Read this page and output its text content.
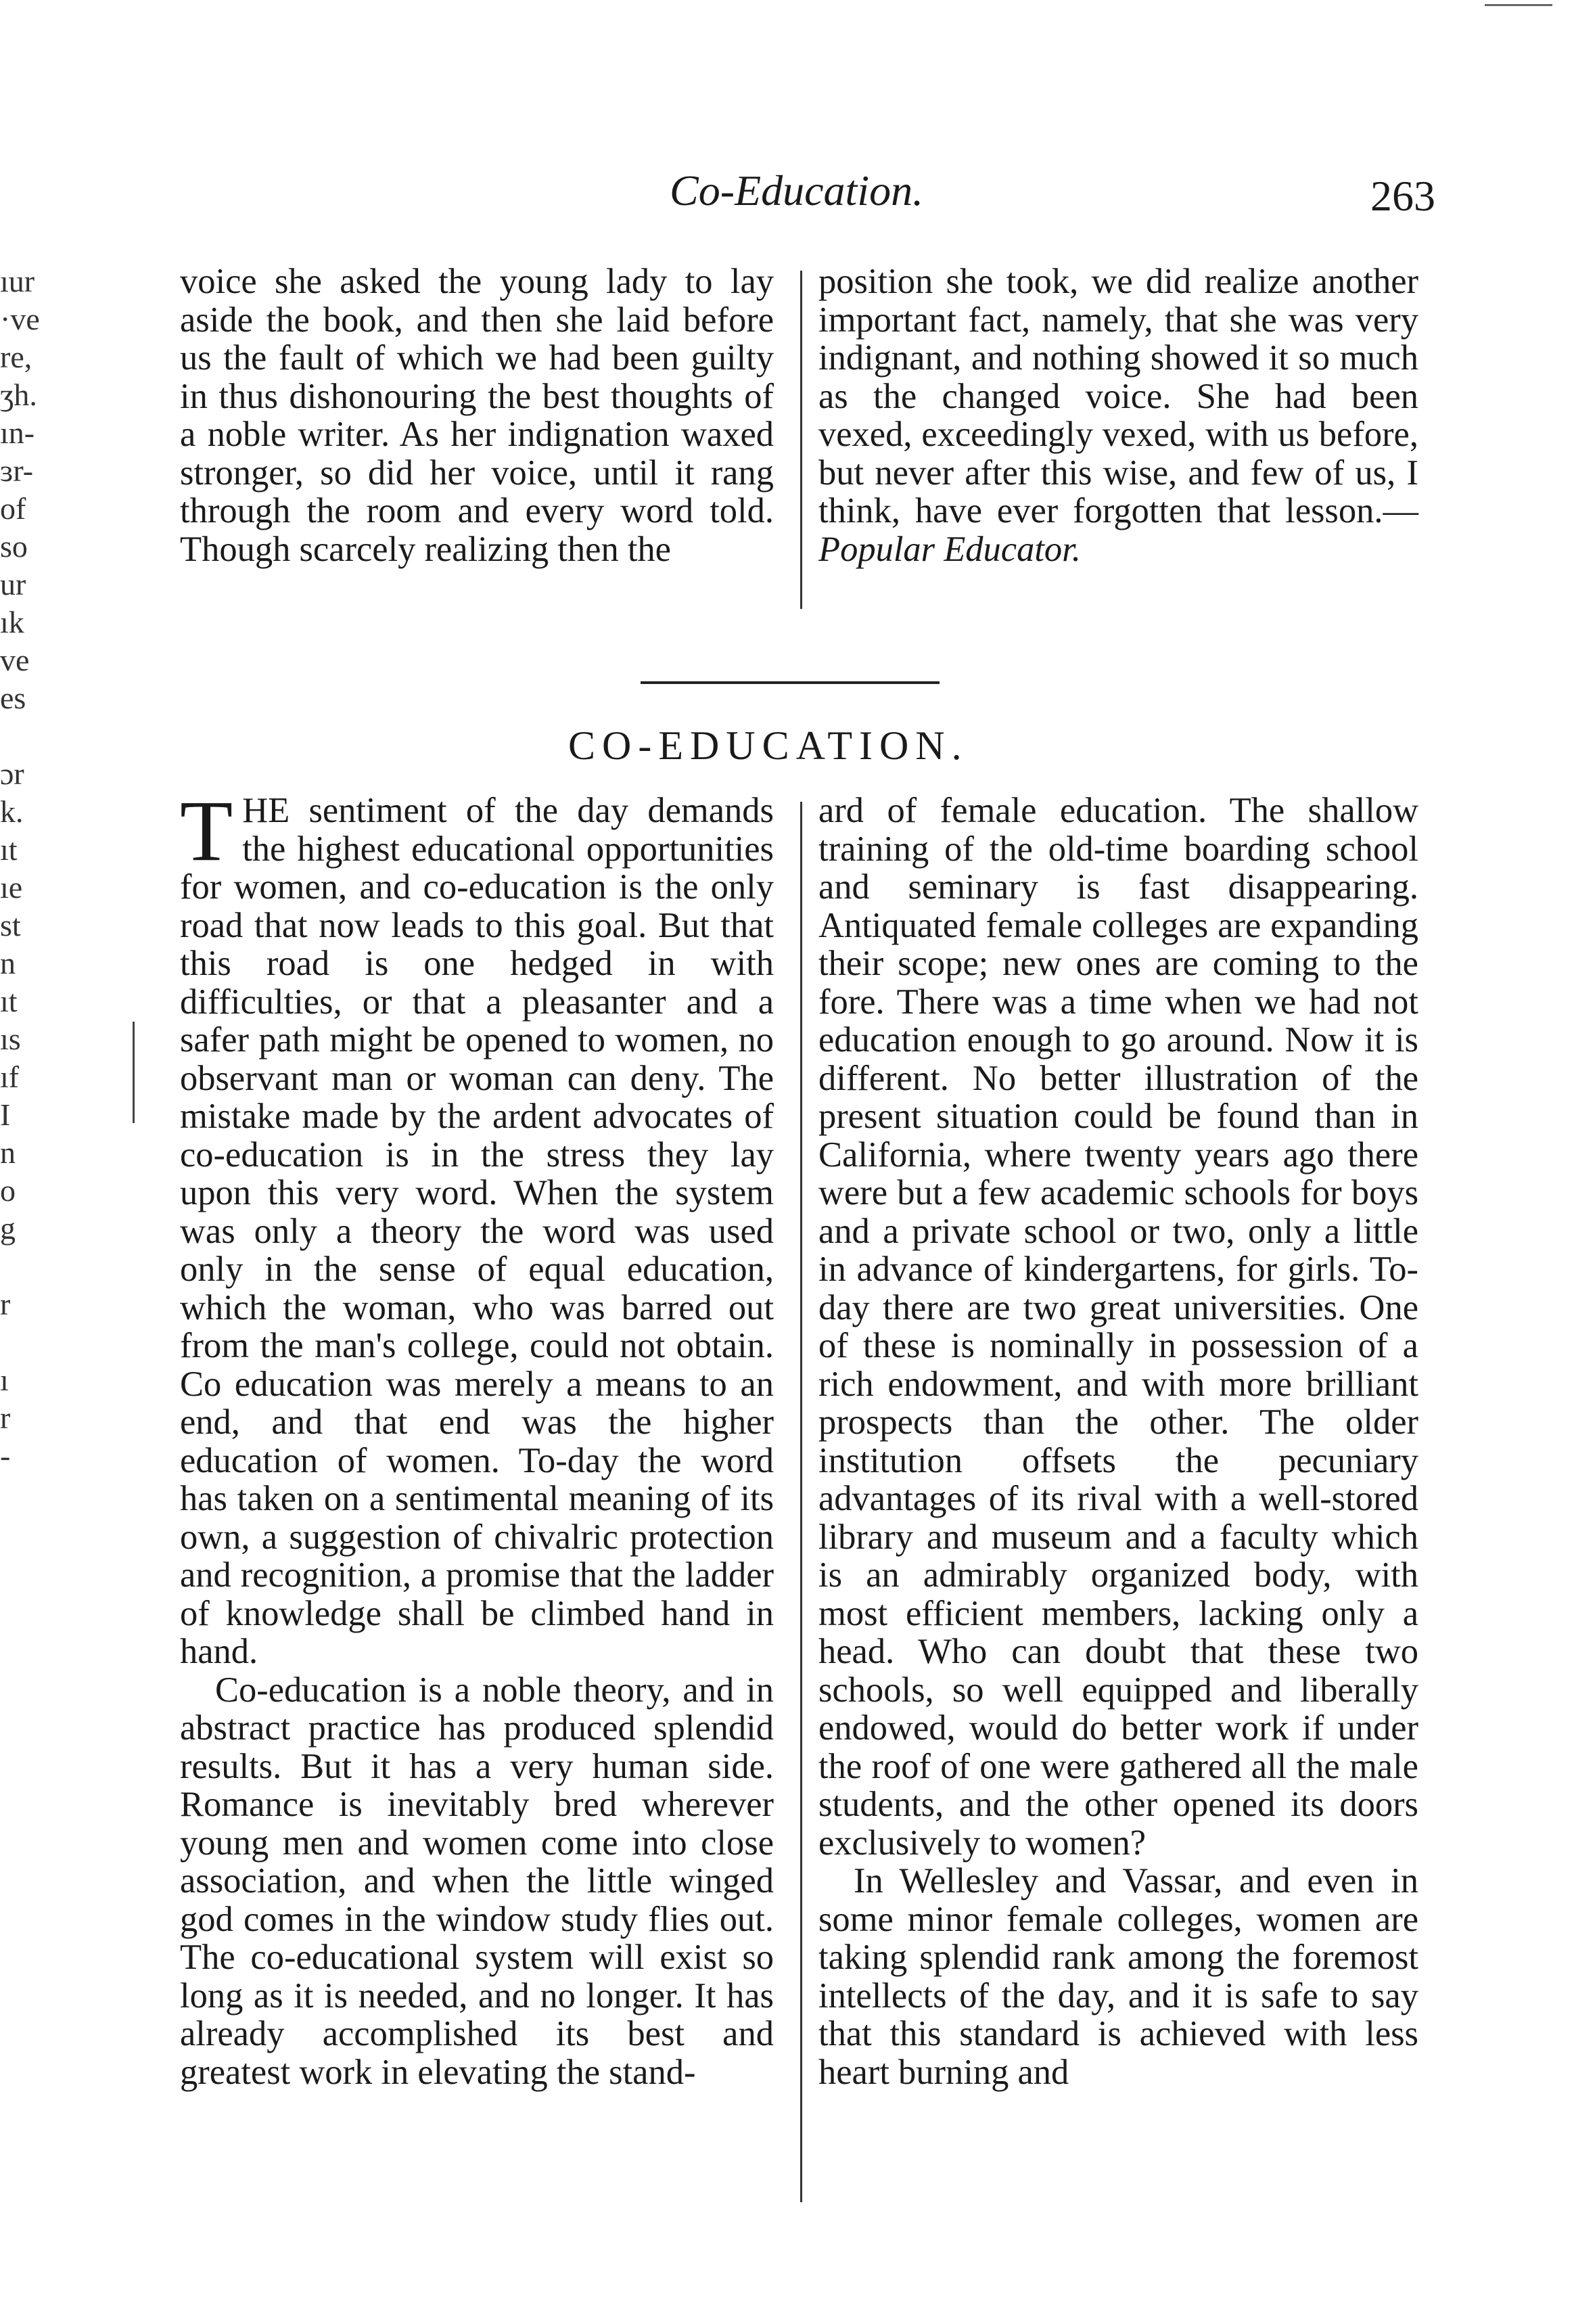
Co-Education.	263
ıur
·ve
re,
ʒh.
ın-
ɜr-
of
so
ur
ık
ve
es
ɔr
k.
ıt
ıe
st
n
ıt
ıs
ıf
I
n
o
g
r
ı
r
-

voice she asked the young lady to lay aside the book, and then she laid before us the fault of which we had been guilty in thus dishonouring the best thoughts of a noble writer. As her indignation waxed stronger, so did her voice, until it rang through the room and every word told. Though scarcely realizing then the

position she took, we did realize another important fact, namely, that she was very indignant, and nothing showed it so much as the changed voice. She had been vexed, exceedingly vexed, with us before, but never after this wise, and few of us, I think, have ever forgotten that lesson.— Popular Educator.

CO-EDUCATION.

THE sentiment of the day demands the highest educational opportunities for women, and co-education is the only road that now leads to this goal. But that this road is one hedged in with difficulties, or that a pleasanter and a safer path might be opened to women, no observant man or woman can deny. The mistake made by the ardent advocates of co-education is in the stress they lay upon this very word. When the system was only a theory the word was used only in the sense of equal education, which the woman, who was barred out from the man's college, could not obtain. Co education was merely a means to an end, and that end was the higher education of women. To-day the word has taken on a sentimental meaning of its own, a suggestion of chivalric protection and recognition, a promise that the ladder of knowledge shall be climbed hand in hand.

Co-education is a noble theory, and in abstract practice has produced splendid results. But it has a very human side. Romance is inevitably bred wherever young men and women come into close association, and when the little winged god comes in the window study flies out. The co-educational system will exist so long as it is needed, and no longer. It has already accomplished its best and greatest work in elevating the stand-

ard of female education. The shallow training of the old-time boarding school and seminary is fast disappearing. Antiquated female colleges are expanding their scope; new ones are coming to the fore. There was a time when we had not education enough to go around. Now it is different. No better illustration of the present situation could be found than in California, where twenty years ago there were but a few academic schools for boys and a private school or two, only a little in advance of kindergartens, for girls. To-day there are two great universities. One of these is nominally in possession of a rich endowment, and with more brilliant prospects than the other. The older institution offsets the pecuniary advantages of its rival with a well-stored library and museum and a faculty which is an admirably organized body, with most efficient members, lacking only a head. Who can doubt that these two schools, so well equipped and liberally endowed, would do better work if under the roof of one were gathered all the male students, and the other opened its doors exclusively to women?

In Wellesley and Vassar, and even in some minor female colleges, women are taking splendid rank among the foremost intellects of the day, and it is safe to say that this standard is achieved with less heart burning and
